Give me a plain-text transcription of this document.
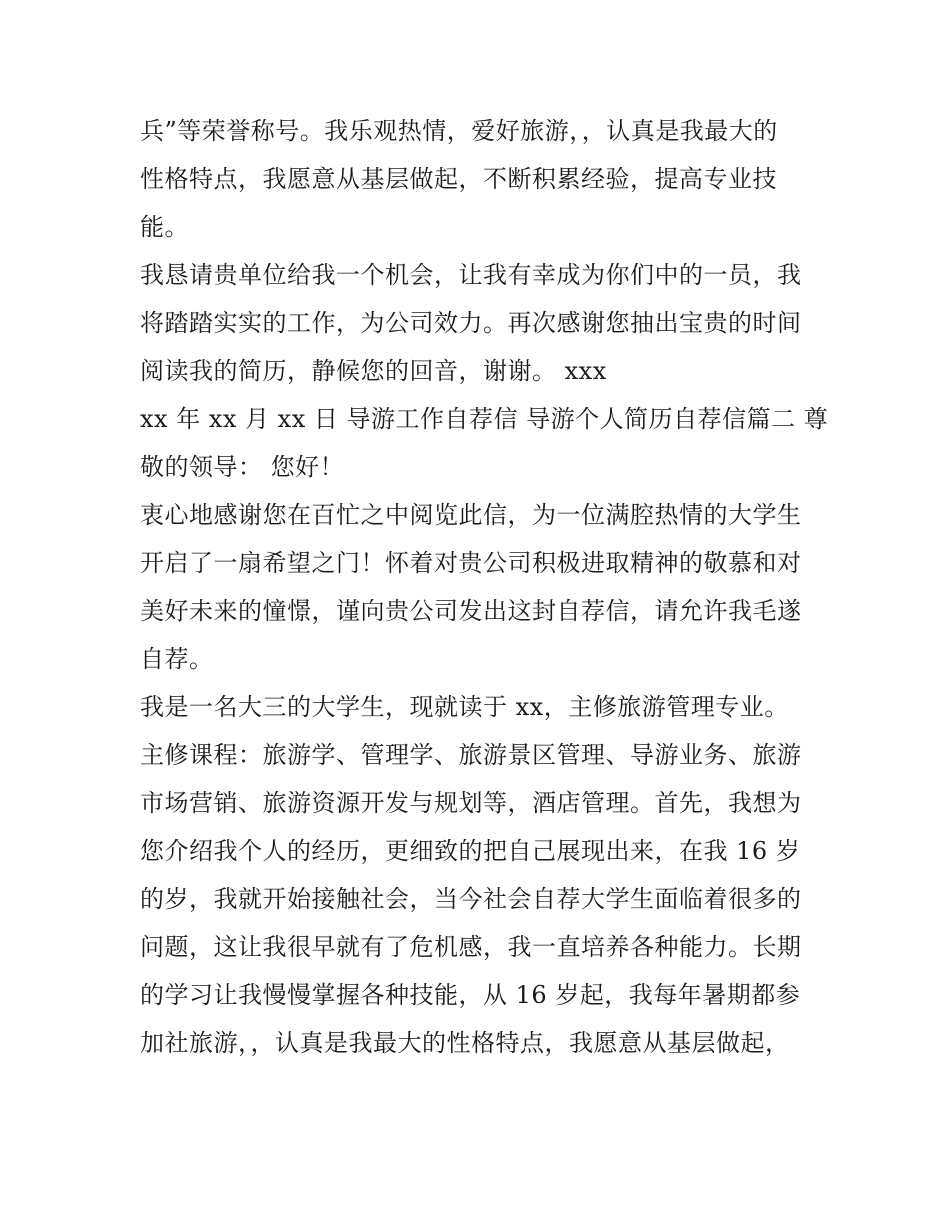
兵”等荣誉称号。我乐观热情，爱好旅游，，认真是我最大的
性格特点，我愿意从基层做起，不断积累经验，提高专业技
能。
我恳请贵单位给我一个机会，让我有幸成为你们中的一员，我
将踏踏实实的工作，为公司效力。再次感谢您抽出宝贵的时间
阅读我的简历，静候您的回音，谢谢。 xxx
xx 年 xx 月 xx 日 导游工作自荐信 导游个人简历自荐信篇二 尊
敬的领导： 您好！
衷心地感谢您在百忙之中阅览此信，为一位满腔热情的大学生
开启了一扇希望之门！怀着对贵公司积极进取精神的敬慕和对
美好未来的憧憬，谨向贵公司发出这封自荐信，请允许我毛遂
自荐。
我是一名大三的大学生，现就读于 xx，主修旅游管理专业。
主修课程：旅游学、管理学、旅游景区管理、导游业务、旅游
市场营销、旅游资源开发与规划等，酒店管理。首先，我想为
您介绍我个人的经历，更细致的把自己展现出来，在我 16 岁
的岁，我就开始接触社会，当今社会自荐大学生面临着很多的
问题，这让我很早就有了危机感，我一直培养各种能力。长期
的学习让我慢慢掌握各种技能，从 16 岁起，我每年暑期都参
加社旅游，，认真是我最大的性格特点，我愿意从基层做起，
